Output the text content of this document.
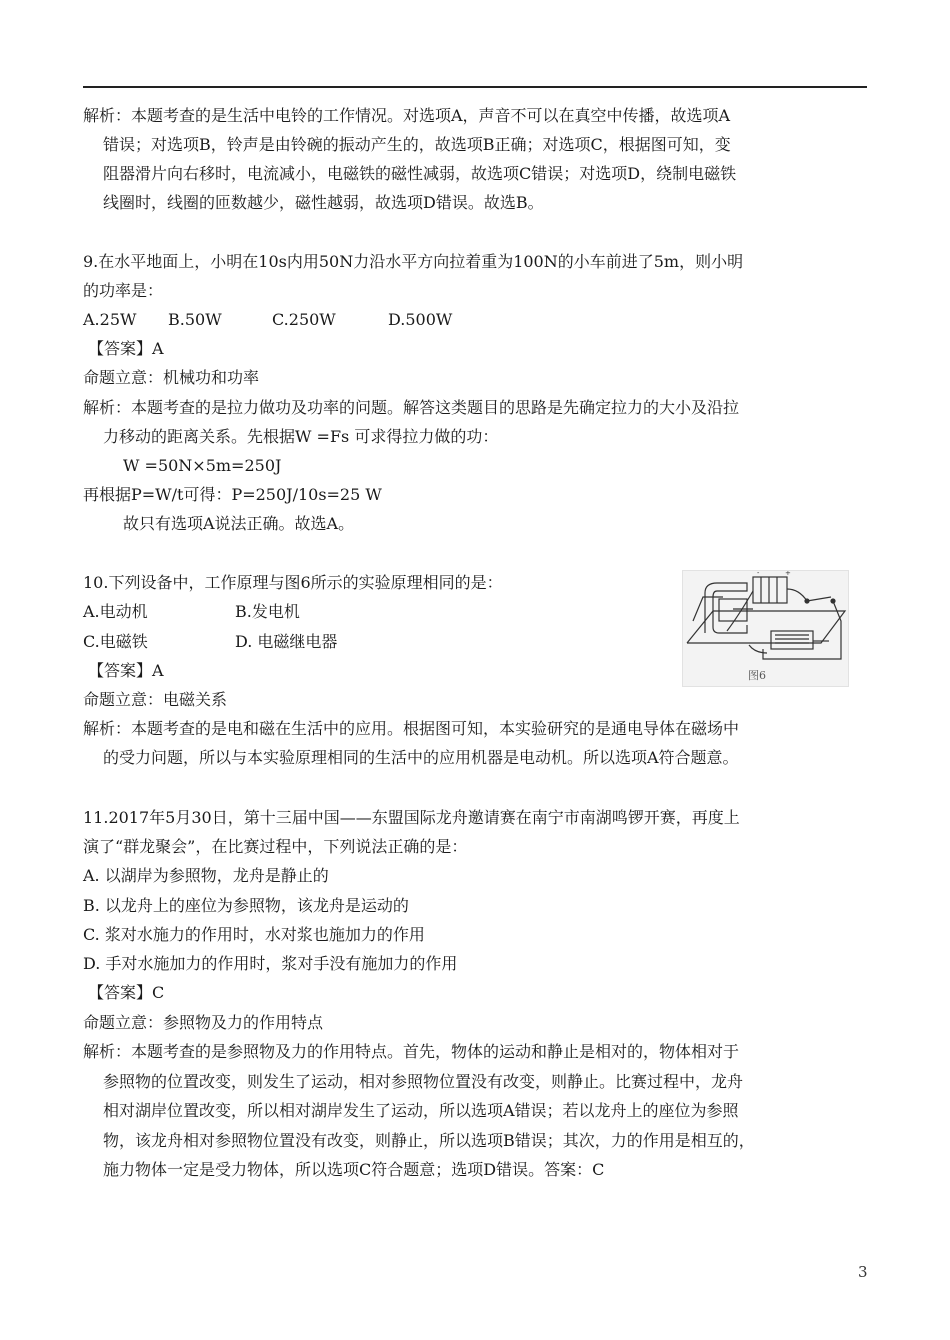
解析：本题考查的是生活中电铃的工作情况。对选项A，声音不可以在真空中传播，故选项A
错误；对选项B，铃声是由铃碗的振动产生的，故选项B正确；对选项C，根据图可知，变
阻器滑片向右移时，电流减小，电磁铁的磁性减弱，故选项C错误；对选项D，绕制电磁铁
线圈时，线圈的匝数越少，磁性越弱，故选项D错误。故选B。
9.在水平地面上，小明在10s内用50N力沿水平方向拉着重为100N的小车前进了5m，则小明
的功率是：
A.25W B.50W	C.250W	D.500W
【答案】A
命题立意：机械功和功率
解析：本题考查的是拉力做功及功率的问题。解答这类题目的思路是先确定拉力的大小及沿拉
力移动的距离关系。先根据W =Fs 可求得拉力做的功：
W =50N×5m=250J
再根据P=W/t可得：P=250J/10s=25 W
故只有选项A说法正确。故选A。
10.下列设备中，工作原理与图6所示的实验原理相同的是：
A.电动机	B.发电机
C.电磁铁	D. 电磁继电器
【答案】A
命题立意：电磁关系
解析：本题考查的是电和磁在生活中的应用。根据图可知，本实验研究的是通电导体在磁场中
的受力问题，所以与本实验原理相同的生活中的应用机器是电动机。所以选项A符合题意。
-	+
图6
11.2017年5月30日，第十三届中国——东盟国际龙舟邀请赛在南宁市南湖鸣锣开赛，再度上
演了“群龙聚会”，在比赛过程中，下列说法正确的是：
A. 以湖岸为参照物，龙舟是静止的
B. 以龙舟上的座位为参照物，该龙舟是运动的
C. 浆对水施力的作用时，水对浆也施加力的作用
D. 手对水施加力的作用时，浆对手没有施加力的作用
【答案】C
命题立意：参照物及力的作用特点
解析：本题考查的是参照物及力的作用特点。首先，物体的运动和静止是相对的，物体相对于
参照物的位置改变，则发生了运动，相对参照物位置没有改变，则静止。比赛过程中，龙舟
相对湖岸位置改变，所以相对湖岸发生了运动，所以选项A错误；若以龙舟上的座位为参照
物，该龙舟相对参照物位置没有改变，则静止，所以选项B错误；其次，力的作用是相互的，
施力物体一定是受力物体，所以选项C符合题意；选项D错误。答案：C
3
